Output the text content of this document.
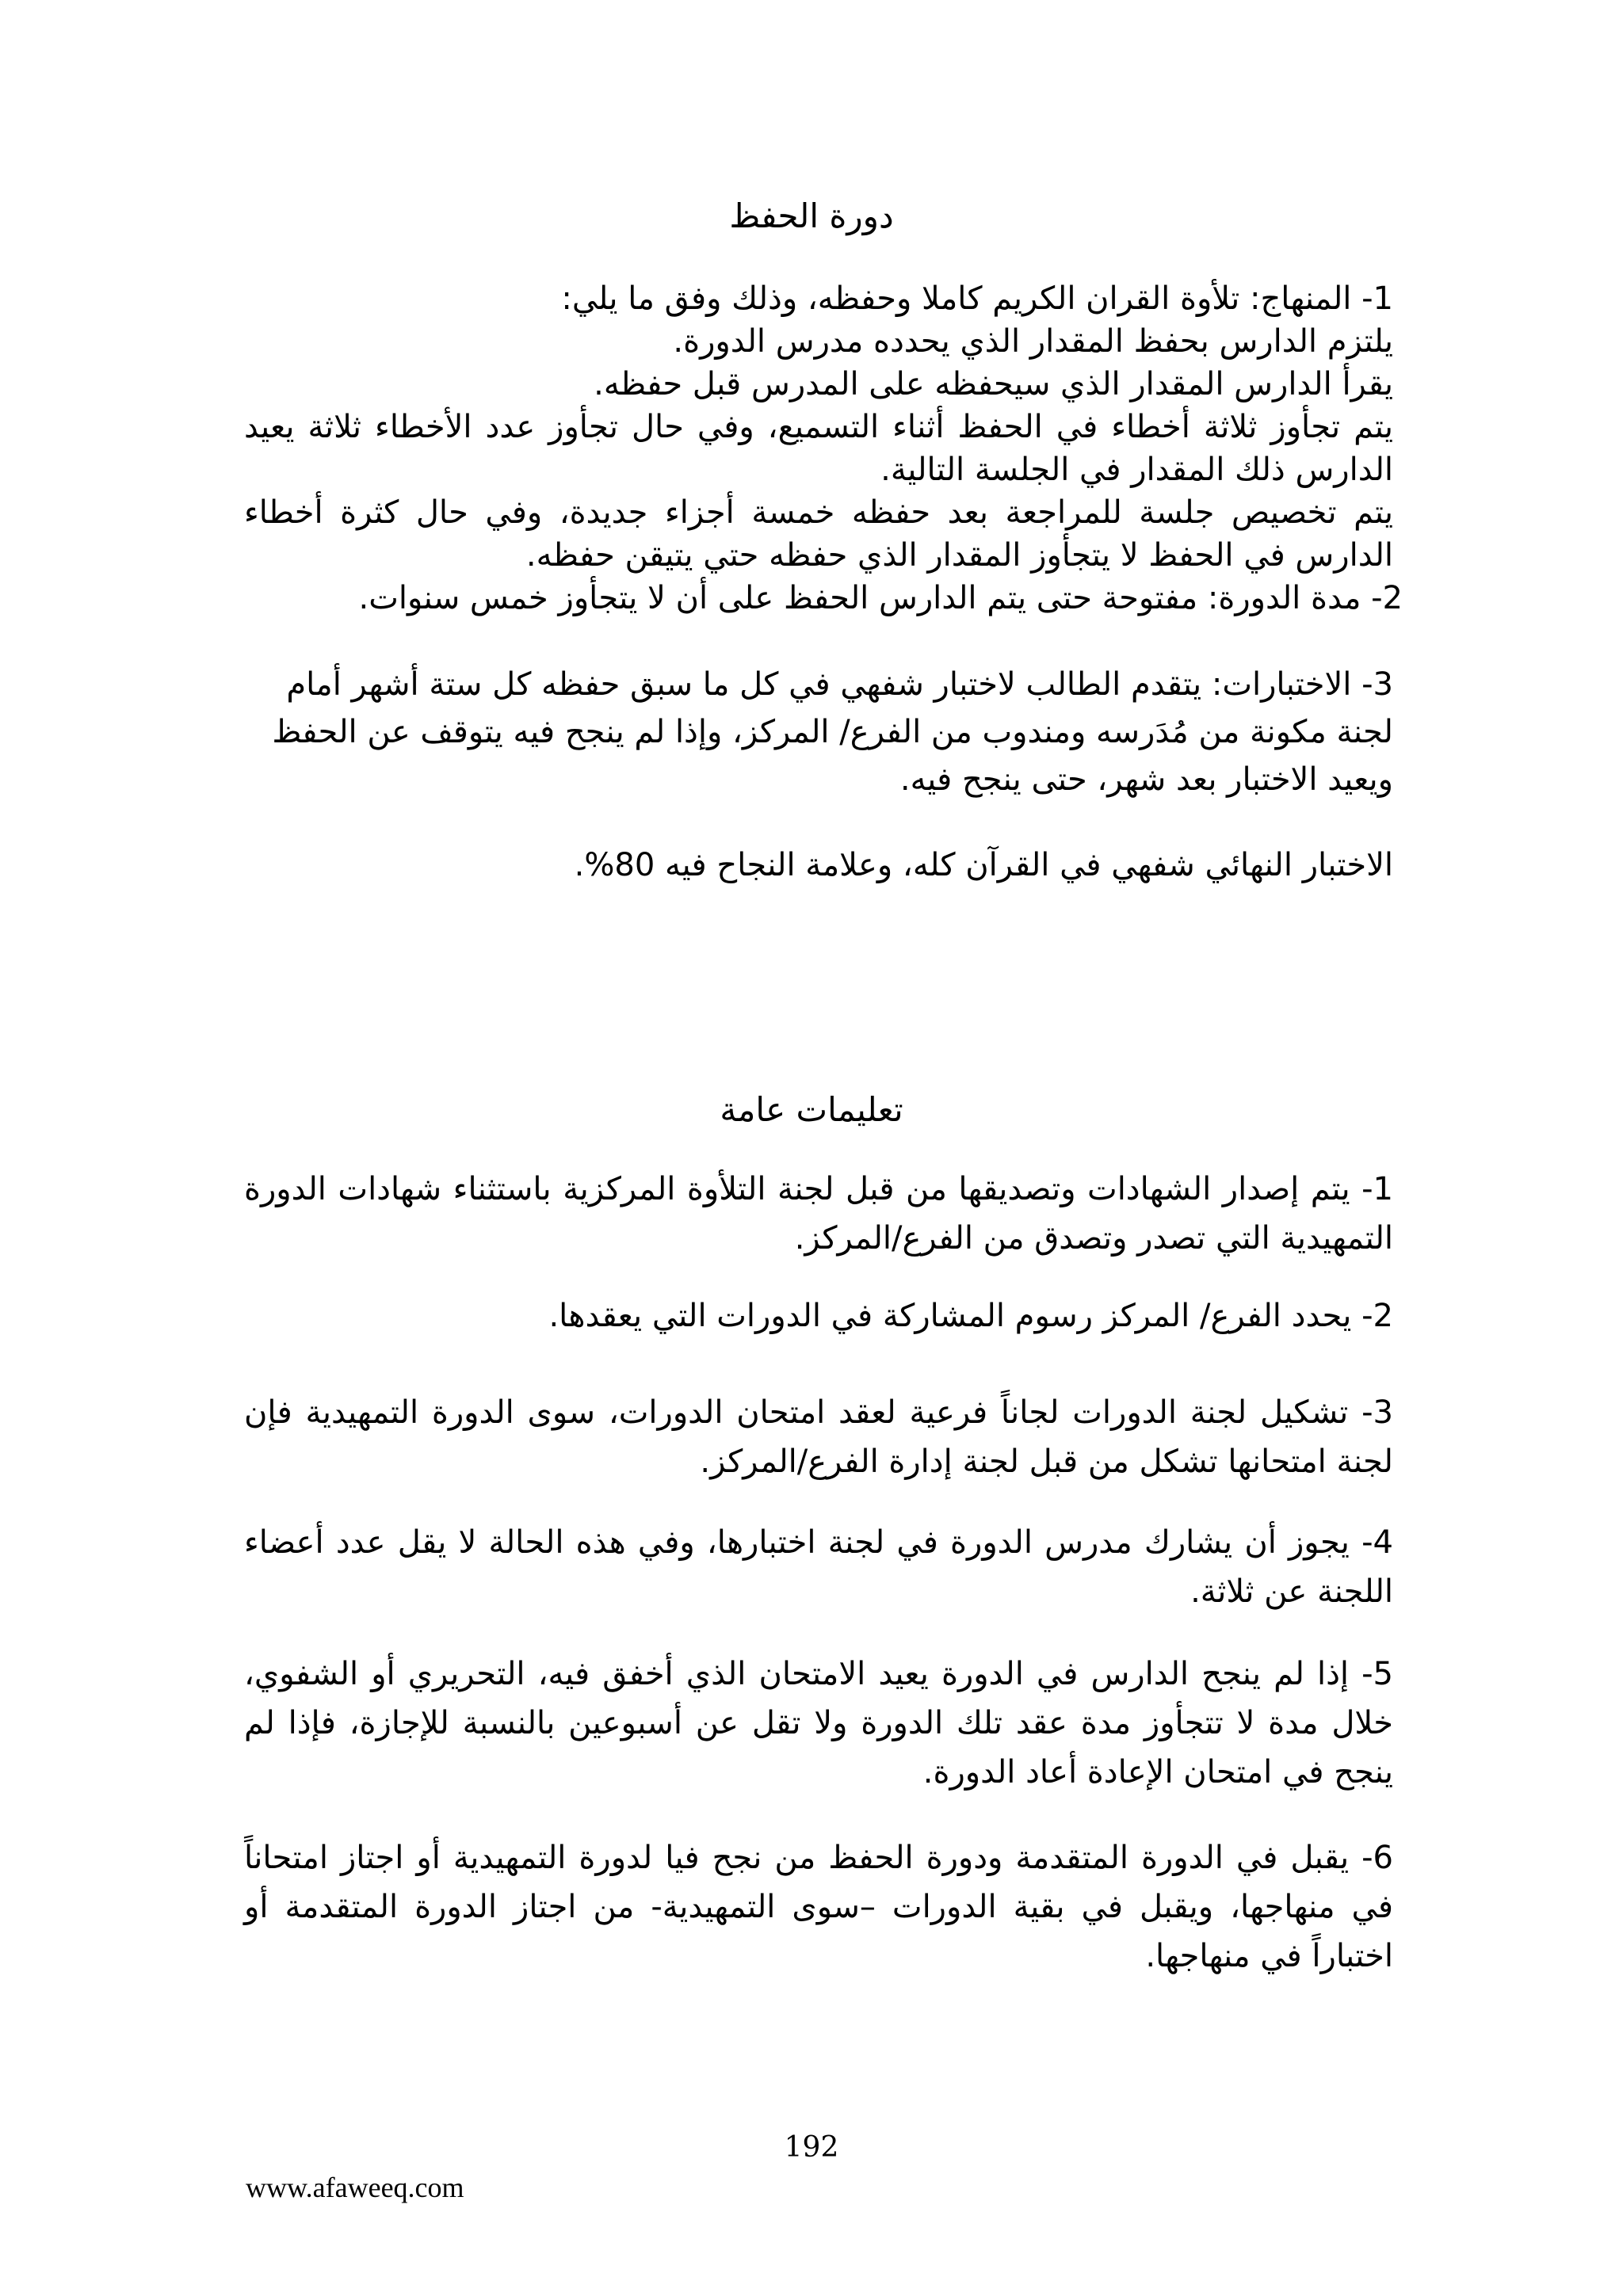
دورة الحفظ
1- المنهاج: تلأوة القران الكريم كاملا وحفظه، وذلك وفق ما يلي:
يلتزم الدارس بحفظ المقدار الذي يحدده مدرس الدورة.
يقرأ الدارس المقدار الذي سيحفظه على المدرس قبل حفظه.
يتم تجأوز ثلاثة أخطاء في الحفظ أثناء التسميع، وفي حال تجأوز عدد الأخطاء ثلاثة يعيد الدارس ذلك المقدار في الجلسة التالية.
يتم تخصيص جلسة للمراجعة بعد حفظه خمسة أجزاء جديدة، وفي حال كثرة أخطاء الدارس في الحفظ لا يتجأوز المقدار الذي حفظه حتي يتيقن حفظه.
2- مدة الدورة: مفتوحة حتى يتم الدارس الحفظ على أن لا يتجأوز خمس سنوات.
3- الاختبارات: يتقدم الطالب لاختبار شفهي في كل ما سبق حفظه كل ستة أشهر أمام لجنة مكونة من مُدَرسه ومندوب من الفرع/ المركز، وإذا لم ينجح فيه يتوقف عن الحفظ ويعيد الاختبار بعد شهر، حتى ينجح فيه.
الاختبار النهائي شفهي في القرآن كله، وعلامة النجاح فيه 80%.
تعليمات عامة

1- يتم إصدار الشهادات وتصديقها من قبل لجنة التلأوة المركزية باستثناء شهادات الدورة التمهيدية التي تصدر وتصدق من الفرع/المركز.

2- يحدد الفرع/ المركز رسوم المشاركة في الدورات التي يعقدها.

3- تشكيل لجنة الدورات لجاناً فرعية لعقد امتحان الدورات، سوى الدورة التمهيدية فإن لجنة امتحانها تشكل من قبل لجنة إدارة الفرع/المركز.

4- يجوز أن يشارك مدرس الدورة في لجنة اختبارها، وفي هذه الحالة لا يقل عدد أعضاء اللجنة عن ثلاثة.

5- إذا لم ينجح الدارس في الدورة يعيد الامتحان الذي أخفق فيه، التحريري أو الشفوي، خلال مدة لا تتجأوز مدة عقد تلك الدورة ولا تقل عن أسبوعين بالنسبة للإجازة، فإذا لم ينجح في امتحان الإعادة أعاد الدورة.

6- يقبل في الدورة المتقدمة ودورة الحفظ من نجح فيا لدورة التمهيدية أو اجتاز امتحاناً في منهاجها، ويقبل في بقية الدورات –سوى التمهيدية- من اجتاز الدورة المتقدمة أو اختباراً في منهاجها.

192
www.afaweeq.com
